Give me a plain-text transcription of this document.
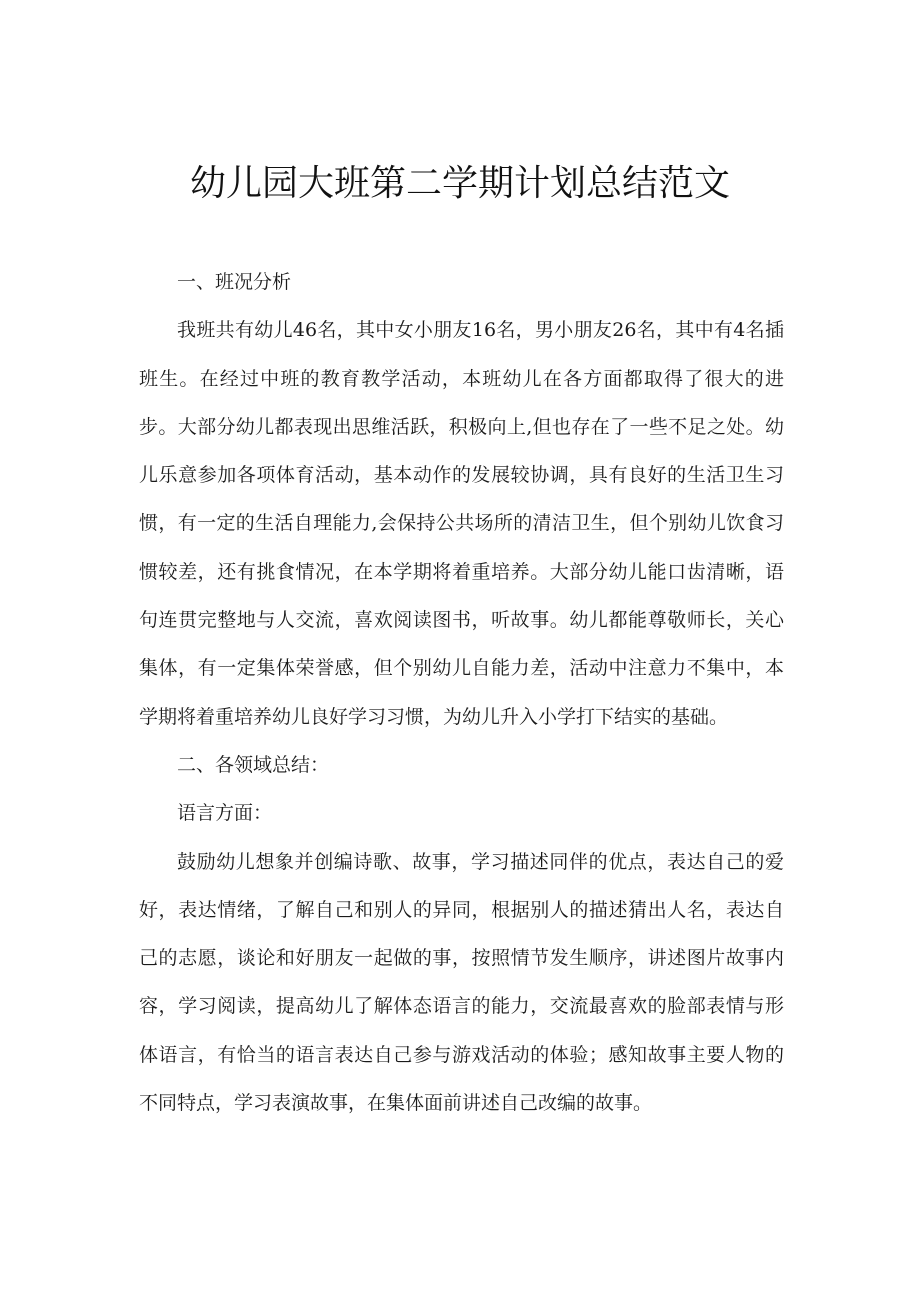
幼儿园大班第二学期计划总结范文

一、班况分析

我班共有幼儿46名，其中女小朋友16名，男小朋友26名，其中有4名插班生。在经过中班的教育教学活动，本班幼儿在各方面都取得了很大的进步。大部分幼儿都表现出思维活跃，积极向上,但也存在了一些不足之处。幼儿乐意参加各项体育活动，基本动作的发展较协调，具有良好的生活卫生习惯，有一定的生活自理能力,会保持公共场所的清洁卫生，但个别幼儿饮食习惯较差，还有挑食情况，在本学期将着重培养。大部分幼儿能口齿清晰，语句连贯完整地与人交流，喜欢阅读图书，听故事。幼儿都能尊敬师长，关心集体，有一定集体荣誉感，但个别幼儿自能力差，活动中注意力不集中，本学期将着重培养幼儿良好学习习惯，为幼儿升入小学打下结实的基础。

二、各领域总结：

语言方面：

鼓励幼儿想象并创编诗歌、故事，学习描述同伴的优点，表达自己的爱好，表达情绪，了解自己和别人的异同，根据别人的描述猜出人名，表达自己的志愿，谈论和好朋友一起做的事，按照情节发生顺序，讲述图片故事内容，学习阅读，提高幼儿了解体态语言的能力，交流最喜欢的脸部表情与形体语言，有恰当的语言表达自己参与游戏活动的体验；感知故事主要人物的不同特点，学习表演故事，在集体面前讲述自己改编的故事。
